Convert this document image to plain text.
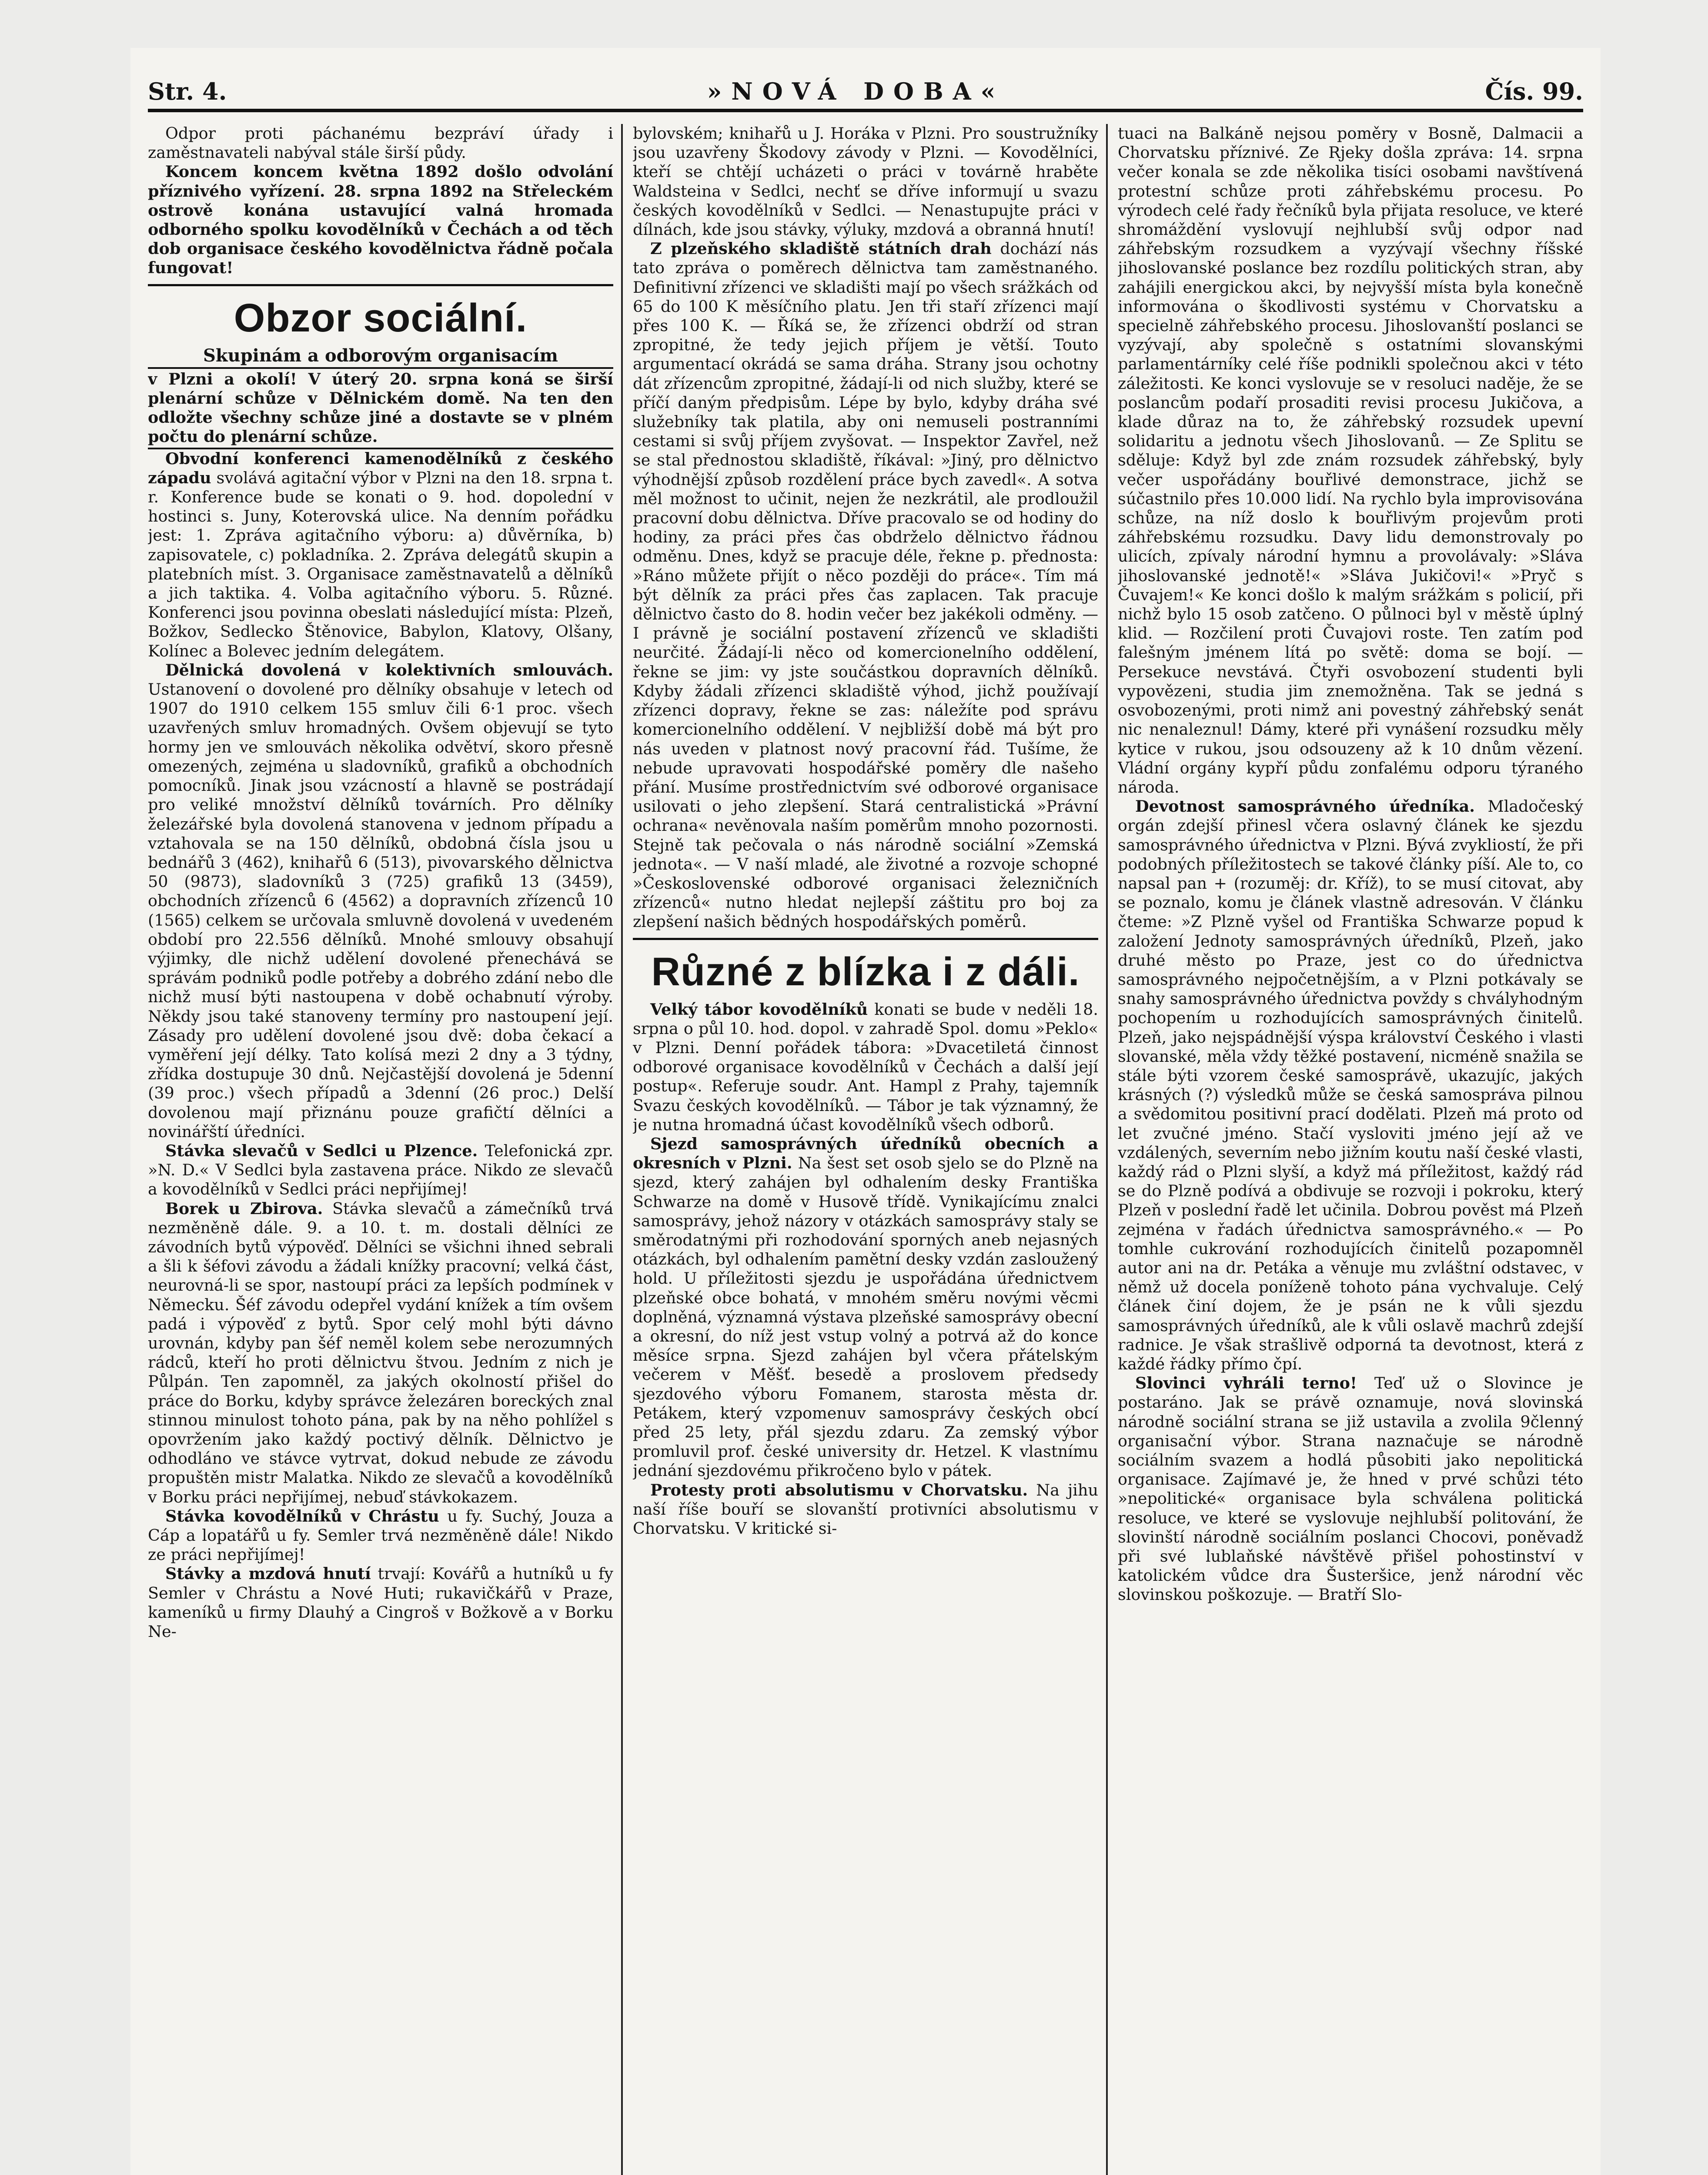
Str. 4.	»NOVÁ DOBA«	Čís. 99.

Odpor proti páchanému bezpráví úřady i zaměstnavateli nabýval stále širší půdy.

Koncem koncem května 1892 došlo odvolání příznivého vyřízení. 28. srpna 1892 na Střeleckém ostrově konána ustavující valná hromada odborného spolku kovodělníků v Čechách a od těch dob organisace českého kovodělnictva řádně počala fungovat!

Obzor sociální.
Skupinám a odborovým organisacím

v Plzni a okolí! V úterý 20. srpna koná se širší plenární schůze v Dělnickém domě. Na ten den odložte všechny schůze jiné a dostavte se v plném počtu do plenární schůze.

Obvodní konferenci kamenodělníků z českého západu svolává agitační výbor v Plzni na den 18. srpna t. r. Konference bude se konati o 9. hod. dopolední v hostinci s. Juny, Koterovská ulice. Na denním pořádku jest: 1. Zpráva agitačního výboru: a) důvěrníka, b) zapisovatele, c) pokladníka. 2. Zpráva delegátů skupin a platebních míst. 3. Organisace zaměstnavatelů a dělníků a jich taktika. 4. Volba agitačního výboru. 5. Různé. Konferenci jsou povinna obeslati následující místa: Plzeň, Božkov, Sedlecko Štěnovice, Babylon, Klatovy, Olšany, Kolínec a Bolevec jedním delegátem.

Dělnická dovolená v kolektivních smlouvách. Ustanovení o dovolené pro dělníky obsahuje v letech od 1907 do 1910 celkem 155 smluv čili 6·1 proc. všech uzavřených smluv hromadných. Ovšem objevují se tyto hormy jen ve smlouvách několika odvětví, skoro přesně omezených, zejména u sladovníků, grafiků a obchodních pomocníků. Jinak jsou vzácností a hlavně se postrádají pro veliké množství dělníků továrních. Pro dělníky železářské byla dovolená stanovena v jednom případu a vztahovala se na 150 dělníků, obdobná čísla jsou u bednářů 3 (462), knihařů 6 (513), pivovarského dělnictva 50 (9873), sladovníků 3 (725) grafiků 13 (3459), obchodních zřízenců 6 (4562) a dopravních zřízenců 10 (1565) celkem se určovala smluvně dovolená v uvedeném období pro 22.556 dělníků. Mnohé smlouvy obsahují výjimky, dle nichž udělení dovolené přenechává se správám podniků podle potřeby a dobrého zdání nebo dle nichž musí býti nastoupena v době ochabnutí výroby. Někdy jsou také stanoveny termíny pro nastoupení její. Zásady pro udělení dovolené jsou dvě: doba čekací a vyměření její délky. Tato kolísá mezi 2 dny a 3 týdny, zřídka dostupuje 30 dnů. Nejčastější dovolená je 5denní (39 proc.) všech případů a 3denní (26 proc.) Delší dovolenou mají přiznánu pouze grafičtí dělníci a novinářští úředníci.

Stávka slevačů v Sedlci u Plzence. Telefonická zpr. »N. D.« V Sedlci byla zastavena práce. Nikdo ze slevačů a kovodělníků v Sedlci práci nepřijímej!

Borek u Zbirova. Stávka slevačů a zámečníků trvá nezměněně dále. 9. a 10. t. m. dostali dělníci ze závodních bytů výpověď. Dělníci se všichni ihned sebrali a šli k šéfovi závodu a žádali knížky pracovní; velká část, neurovná-li se spor, nastoupí práci za lepších podmínek v Německu. Šéf závodu odepřel vydání knížek a tím ovšem padá i výpověď z bytů. Spor celý mohl býti dávno urovnán, kdyby pan šéf neměl kolem sebe nerozumných rádců, kteří ho proti dělnictvu štvou. Jedním z nich je Půlpán. Ten zapomněl, za jakých okolností přišel do práce do Borku, kdyby správce železáren boreckých znal stinnou minulost tohoto pána, pak by na něho pohlížel s opovržením jako každý poctivý dělník. Dělnictvo je odhodláno ve stávce vytrvat, dokud nebude ze závodu propuštěn mistr Malatka. Nikdo ze slevačů a kovodělníků v Borku práci nepřijímej, nebuď stávkokazem.

Stávka kovodělníků v Chrástu u fy. Suchý, Jouza a Cáp a lopatářů u fy. Semler trvá nezměněně dále! Nikdo ze práci nepřijímej!

Stávky a mzdová hnutí trvají: Kovářů a hutníků u fy Semler v Chrástu a Nové Huti; rukavičkářů v Praze, kameníků u firmy Dlauhý a Cingroš v Božkově a v Borku Ne-

bylovském; knihařů u J. Horáka v Plzni. Pro soustružníky jsou uzavřeny Škodovy závody v Plzni. — Kovodělníci, kteří se chtějí ucházeti o práci v továrně hraběte Waldsteina v Sedlci, nechť se dříve informují u svazu českých kovodělníků v Sedlci. — Nenastupujte práci v dílnách, kde jsou stávky, výluky, mzdová a obranná hnutí!

Z plzeňského skladiště státních drah dochází nás tato zpráva o poměrech dělnictva tam zaměstnaného. Definitivní zřízenci ve skladišti mají po všech srážkách od 65 do 100 K měsíčního platu. Jen tři staří zřízenci mají přes 100 K. — Říká se, že zřízenci obdrží od stran zpropitné, že tedy jejich příjem je větší. Touto argumentací okrádá se sama dráha. Strany jsou ochotny dát zřízencům zpropitné, žádají-li od nich služby, které se příčí daným předpisům. Lépe by bylo, kdyby dráha své služebníky tak platila, aby oni nemuseli postranními cestami si svůj příjem zvyšovat. — Inspektor Zavřel, než se stal přednostou skladiště, říkával: »Jiný, pro dělnictvo výhodnější způsob rozdělení práce bych zavedl«. A sotva měl možnost to učinit, nejen že nezkrátil, ale prodloužil pracovní dobu dělnictva. Dříve pracovalo se od hodiny do hodiny, za práci přes čas obdrželo dělnictvo řádnou odměnu. Dnes, když se pracuje déle, řekne p. přednosta: »Ráno můžete přijít o něco později do práce«. Tím má být dělník za práci přes čas zaplacen. Tak pracuje dělnictvo často do 8. hodin večer bez jakékoli odměny. — I právně je sociální postavení zřízenců ve skladišti neurčité. Žádají-li něco od komercionelního oddělení, řekne se jim: vy jste součástkou dopravních dělníků. Kdyby žádali zřízenci skladiště výhod, jichž používají zřízenci dopravy, řekne se zas: náležíte pod správu komercionelního oddělení. V nejbližší době má být pro nás uveden v platnost nový pracovní řád. Tušíme, že nebude upravovati hospodářské poměry dle našeho přání. Musíme prostřednictvím své odborové organisace usilovati o jeho zlepšení. Stará centralistická »Právní ochrana« nevěnovala naším poměrům mnoho pozornosti. Stejně tak pečovala o nás národně sociální »Zemská jednota«. — V naší mladé, ale životné a rozvoje schopné »Československé odborové organisaci železničních zřízenců« nutno hledat nejlepší záštitu pro boj za zlepšení našich bědných hospodářských poměrů.

Různé z blízka i z dáli.

Velký tábor kovodělníků konati se bude v neděli 18. srpna o půl 10. hod. dopol. v zahradě Spol. domu »Peklo« v Plzni. Denní pořádek tábora: »Dvacetiletá činnost odborové organisace kovodělníků v Čechách a další její postup«. Referuje soudr. Ant. Hampl z Prahy, tajemník Svazu českých kovodělníků. — Tábor je tak významný, že je nutna hromadná účast kovodělníků všech odborů.

Sjezd samosprávných úředníků obecních a okresních v Plzni. Na šest set osob sjelo se do Plzně na sjezd, který zahájen byl odhalením desky Františka Schwarze na domě v Husově třídě. Vynikajícímu znalci samosprávy, jehož názory v otázkách samosprávy staly se směrodatnými při rozhodování sporných aneb nejasných otázkách, byl odhalením pamětní desky vzdán zasloužený hold. U příležitosti sjezdu je uspořádána úřednictvem plzeňské obce bohatá, v mnohém směru novými věcmi doplněná, významná výstava plzeňské samosprávy obecní a okresní, do níž jest vstup volný a potrvá až do konce měsíce srpna. Sjezd zahájen byl včera přátelským večerem v Měšť. besedě a proslovem předsedy sjezdového výboru Fomanem, starosta města dr. Petákem, který vzpomenuv samosprávy českých obcí před 25 lety, přál sjezdu zdaru. Za zemský výbor promluvil prof. české university dr. Hetzel. K vlastnímu jednání sjezdovému přikročeno bylo v pátek.

Protesty proti absolutismu v Chorvatsku. Na jihu naší říše bouří se slovanští protivníci absolutismu v Chorvatsku. V kritické si-

tuaci na Balkáně nejsou poměry v Bosně, Dalmacii a Chorvatsku příznivé. Ze Rjeky došla zpráva: 14. srpna večer konala se zde několika tisíci osobami navštívená protestní schůze proti záhřebskému procesu. Po výrodech celé řady řečníků byla přijata resoluce, ve které shromáždění vyslovují nejhlubší svůj odpor nad záhřebským rozsudkem a vyzývají všechny říšské jihoslovanské poslance bez rozdílu politických stran, aby zahájili energickou akci, by nejvyšší místa byla konečně informována o škodlivosti systému v Chorvatsku a specielně záhřebského procesu. Jihoslovanští poslanci se vyzývají, aby společně s ostatními slovanskými parlamentárníky celé říše podnikli společnou akci v této záležitosti. Ke konci vyslovuje se v resoluci naděje, že se poslancům podaří prosaditi revisi procesu Jukičova, a klade důraz na to, že záhřebský rozsudek upevní solidaritu a jednotu všech Jihoslovanů. — Ze Splitu se sděluje: Když byl zde znám rozsudek záhřebský, byly večer uspořádány bouřlivé demonstrace, jichž se súčastnilo přes 10.000 lidí. Na rychlo byla improvisována schůze, na níž doslo k bouřlivým projevům proti záhřebskému rozsudku. Davy lidu demonstrovaly po ulicích, zpívaly národní hymnu a provolávaly: »Sláva jihoslovanské jednotě!« »Sláva Jukičovi!« »Pryč s Čuvajem!« Ke konci došlo k malým srážkám s policií, při nichž bylo 15 osob zatčeno. O půlnoci byl v městě úplný klid. — Rozčilení proti Čuvajovi roste. Ten zatím pod falešným jménem lítá po světě: doma se bojí. — Persekuce nevstává. Čtyři osvobození studenti byli vypovězeni, studia jim znemožněna. Tak se jedná s osvobozenými, proti nimž ani povestný záhřebský senát nic nenaleznul! Dámy, které při vynášení rozsudku měly kytice v rukou, jsou odsouzeny až k 10 dnům vězení. Vládní orgány kypří půdu zonfalému odporu týraného národa.

Devotnost samosprávného úředníka. Mladočeský orgán zdejší přinesl včera oslavný článek ke sjezdu samosprávného úřednictva v Plzni. Bývá zvykliostí, že při podobných příležitostech se takové články píší. Ale to, co napsal pan + (rozuměj: dr. Kříž), to se musí citovat, aby se poznalo, komu je článek vlastně adresován. V článku čteme: »Z Plzně vyšel od Františka Schwarze popud k založení Jednoty samosprávných úředníků, Plzeň, jako druhé město po Praze, jest co do úřednictva samosprávného nejpočetnějším, a v Plzni potkávaly se snahy samosprávného úřednictva povždy s chvályhodným pochopením u rozhodujících samosprávných činitelů. Plzeň, jako nejspádnější výspa království Českého i vlasti slovanské, měla vždy těžké postavení, nicméně snažila se stále býti vzorem české samosprávě, ukazujíc, jakých krásných (?) výsledků může se česká samospráva pilnou a svědomitou positivní prací dodělati. Plzeň má proto od let zvučné jméno. Stačí vysloviti jméno její až ve vzdálených, severním nebo jižním koutu naší české vlasti, každý rád o Plzni slyší, a když má příležitost, každý rád se do Plzně podívá a obdivuje se rozvoji i pokroku, který Plzeň v poslední řadě let učinila. Dobrou pověst má Plzeň zejména v řadách úřednictva samosprávného.« — Po tomhle cukrování rozhodujících činitelů pozapomněl autor ani na dr. Petáka a věnuje mu zvláštní odstavec, v němž už docela poníženě tohoto pána vychvaluje. Celý článek činí dojem, že je psán ne k vůli sjezdu samosprávných úředníků, ale k vůli oslavě machrů zdejší radnice. Je však strašlivě odporná ta devotnost, která z každé řádky přímo čpí.

Slovinci vyhráli terno! Teď už o Slovince je postaráno. Jak se právě oznamuje, nová slovinská národně sociální strana se již ustavila a zvolila 9členný organisační výbor. Strana naznačuje se národně sociálním svazem a hodlá působiti jako nepolitická organisace. Zajímavé je, že hned v prvé schůzi této »nepolitické« organisace byla schválena politická resoluce, ve které se vyslovuje nejhlubší politování, že slovinští národně sociálním poslanci Chocovi, poněvadž při své lublaňské návštěvě přišel pohostinství v katolickém vůdce dra Šusteršice, jenž národní věc slovinskou poškozuje. — Bratří Slo-
